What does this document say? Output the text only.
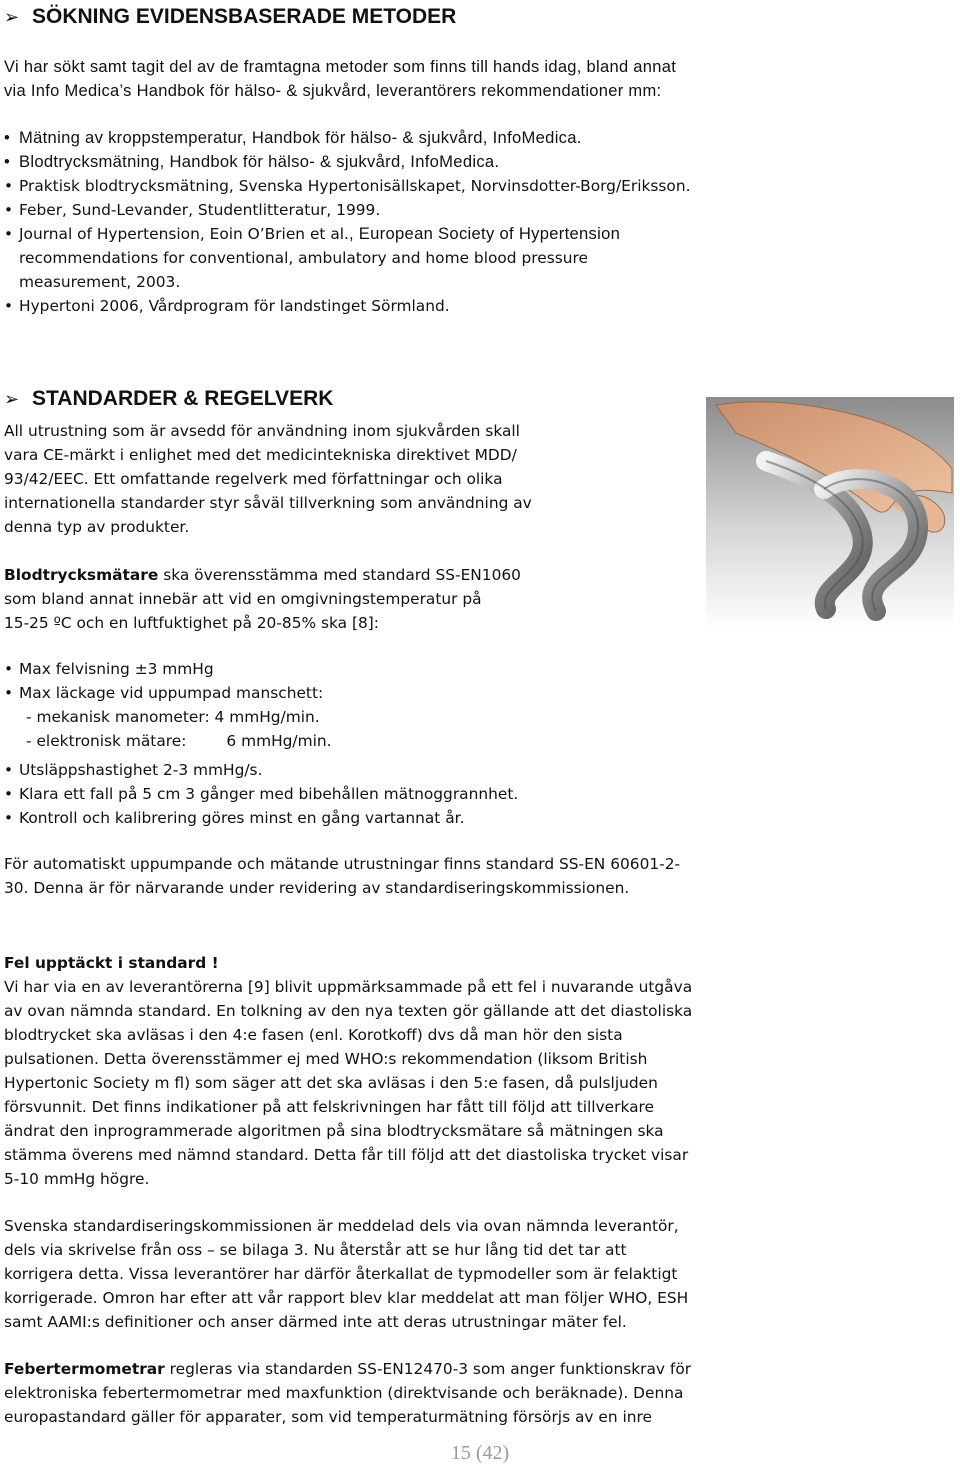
➢ SÖKNING EVIDENSBASERADE METODER
Vi har sökt samt tagit del av de framtagna metoder som finns till hands idag, bland annat
via Info Medica’s Handbok för hälso- & sjukvård, leverantörers rekommendationer mm:
• Mätning av kroppstemperatur, Handbok för hälso- & sjukvård, InfoMedica.
• Blodtrycksmätning, Handbok för hälso- & sjukvård, InfoMedica.
• Praktisk blodtrycksmätning, Svenska Hypertonisällskapet, Norvinsdotter-Borg/Eriksson.
• Feber, Sund-Levander, Studentlitteratur, 1999.
• Journal of Hypertension, Eoin O’Brien et al., European Society of Hypertension
recommendations for conventional, ambulatory and home blood pressure
measurement, 2003.
• Hypertoni 2006, Vårdprogram för landstinget Sörmland.
➢ STANDARDER & REGELVERK
All utrustning som är avsedd för användning inom sjukvården skall
vara CE-märkt i enlighet med det medicintekniska direktivet MDD/
93/42/EEC. Ett omfattande regelverk med författningar och olika
internationella standarder styr såväl tillverkning som användning av
denna typ av produkter.
Blodtrycksmätare ska överensstämma med standard SS-EN1060
som bland annat innebär att vid en omgivningstemperatur på
15-25 ºC och en luftfuktighet på 20-85% ska [8]:
• Max felvisning ±3 mmHg
• Max läckage vid uppumpad manschett:
- mekanisk manometer: 4 mmHg/min.
- elektronisk mätare:	6 mmHg/min.
• Utsläppshastighet 2-3 mmHg/s.
• Klara ett fall på 5 cm 3 gånger med bibehållen mätnoggrannhet.
• Kontroll och kalibrering göres minst en gång vartannat år.
För automatiskt uppumpande och mätande utrustningar finns standard SS-EN 60601-2-
30. Denna är för närvarande under revidering av standardiseringskommissionen.
Fel upptäckt i standard !
Vi har via en av leverantörerna [9] blivit uppmärksammade på ett fel i nuvarande utgåva
av ovan nämnda standard. En tolkning av den nya texten gör gällande att det diastoliska
blodtrycket ska avläsas i den 4:e fasen (enl. Korotkoff) dvs då man hör den sista
pulsationen. Detta överensstämmer ej med WHO:s rekommendation (liksom British
Hypertonic Society m fl) som säger att det ska avläsas i den 5:e fasen, då pulsljuden
försvunnit. Det finns indikationer på att felskrivningen har fått till följd att tillverkare
ändrat den inprogrammerade algoritmen på sina blodtrycksmätare så mätningen ska
stämma överens med nämnd standard. Detta får till följd att det diastoliska trycket visar
5-10 mmHg högre.
Svenska standardiseringskommissionen är meddelad dels via ovan nämnda leverantör,
dels via skrivelse från oss – se bilaga 3. Nu återstår att se hur lång tid det tar att
korrigera detta. Vissa leverantörer har därför återkallat de typmodeller som är felaktigt
korrigerade. Omron har efter att vår rapport blev klar meddelat att man följer WHO, ESH
samt AAMI:s definitioner och anser därmed inte att deras utrustningar mäter fel.
Febertermometrar regleras via standarden SS-EN12470-3 som anger funktionskrav för
elektroniska febertermometrar med maxfunktion (direktvisande och beräknade). Denna
europastandard gäller för apparater, som vid temperaturmätning försörjs av en inre
15 (42)
